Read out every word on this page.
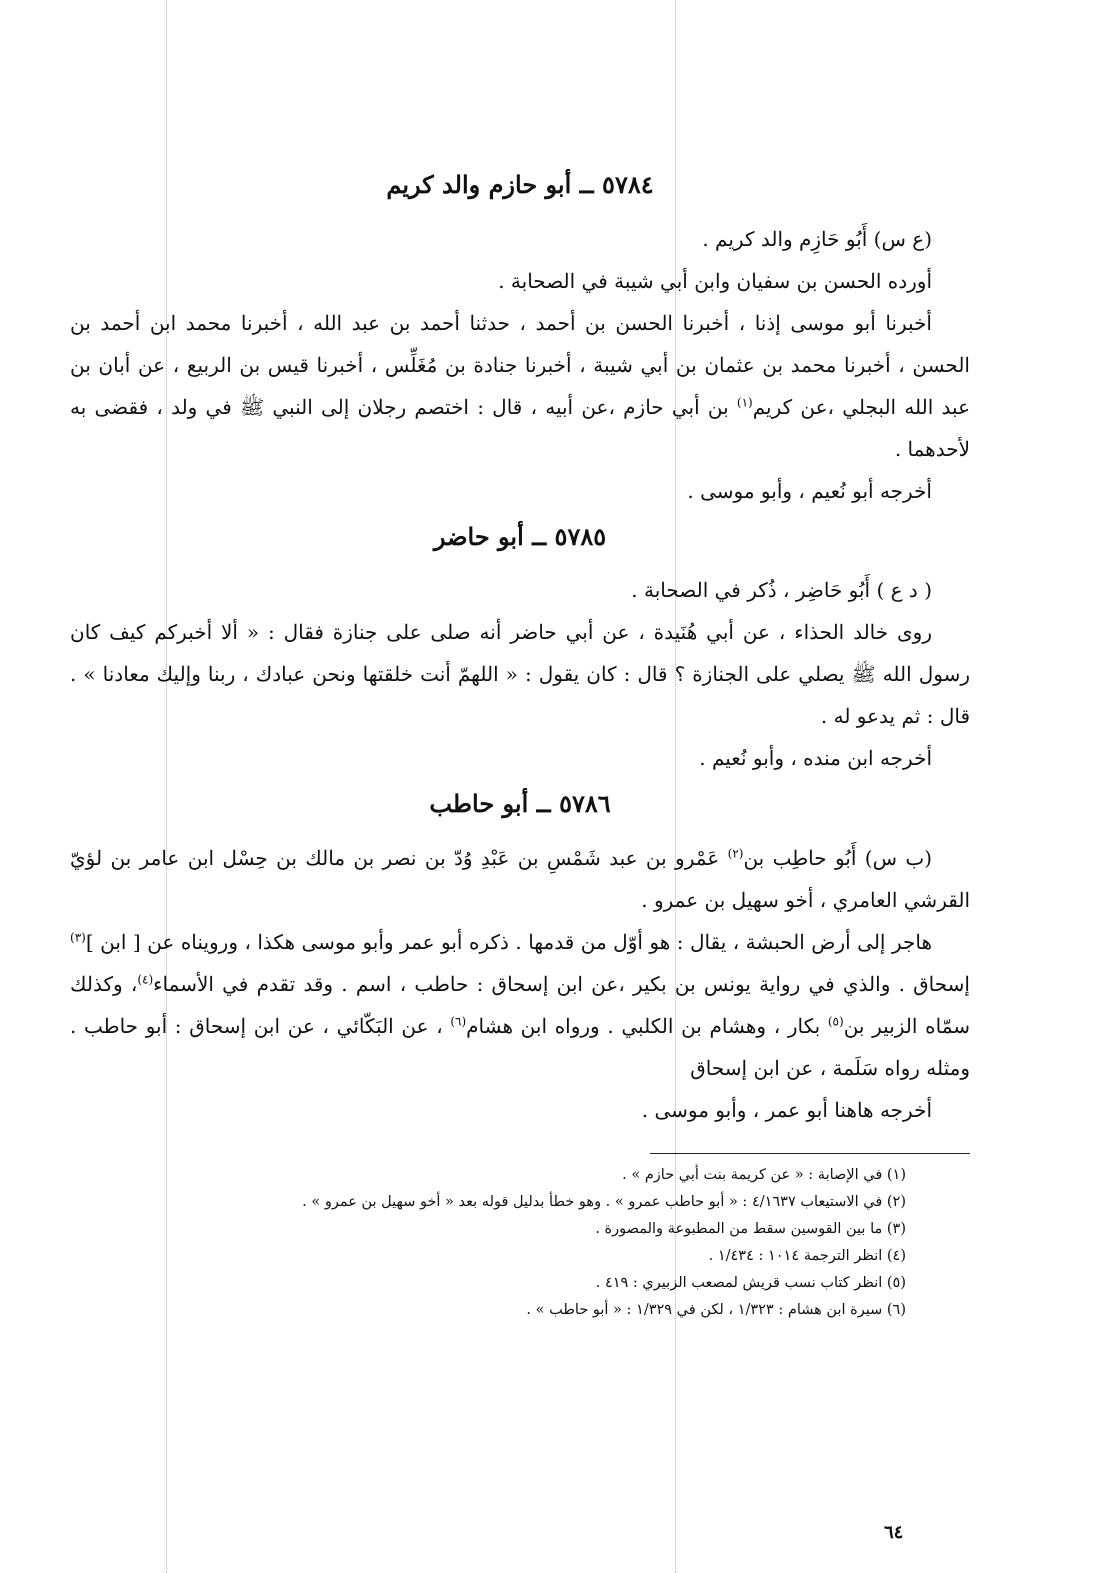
٥٧٨٤ ــ أبو حازم والد كريم

(ع س) أَبُو حَازِم والد كريم .

أورده الحسن بن سفيان وابن أبي شيبة في الصحابة .

أخبرنا أبو موسى إذنا ، أخبرنا الحسن بن أحمد ، حدثنا أحمد بن عبد الله ، أخبرنا محمد ابن أحمد بن الحسن ، أخبرنا محمد بن عثمان بن أبي شيبة ، أخبرنا جنادة بن مُغَلِّس ، أخبرنا قيس بن الربيع ، عن أبان بن عبد الله البجلي ،عن كريم$^{(١)}$ بن أبي حازم ،عن أبيه ، قال : اختصم رجلان إلى النبي ﷺ في ولد ، فقضى به لأحدهما .

أخرجه أبو نُعيم ، وأبو موسى .

٥٧٨٥ ــ أبو حاضر

( د ع ) أَبُو حَاضِر ، ذُكر في الصحابة .

روى خالد الحذاء ، عن أبي هُنَيدة ، عن أبي حاضر أنه صلى على جنازة فقال : « ألا أخبركم كيف كان رسول الله ﷺ يصلي على الجنازة ؟ قال : كان يقول : « اللهمّ أنت خلقتها ونحن عبادك ، ربنا وإليك معادنا » . قال : ثم يدعو له .

أخرجه ابن منده ، وأبو نُعيم .

٥٧٨٦ ــ أبو حاطب

(ب س) أَبُو حاطِب بن$^{(٢)}$ عَمْرو بن عبد شَمْسِ بن عَبْدِ وُدّ بن نصر بن مالك بن حِسْل ابن عامر بن لؤيّ القرشي العامري ، أخو سهيل بن عمرو .

هاجر إلى أرض الحبشة ، يقال : هو أوّل من قدمها . ذكره أبو عمر وأبو موسى هكذا ، ورويناه عن [ ابن ]$^{(٣)}$ إسحاق . والذي في رواية يونس بن بكير ،عن ابن إسحاق : حاطب ، اسم . وقد تقدم في الأسماء$^{(٤)}$، وكذلك سمّاه الزبير بن$^{(٥)}$ بكار ، وهشام بن الكلبي . ورواه ابن هشام$^{(٦)}$ ، عن البَكّائي ، عن ابن إسحاق : أبو حاطب . ومثله رواه سَلَمة ، عن ابن إسحاق

أخرجه هاهنا أبو عمر ، وأبو موسى .

(١) في الإصابة : « عن كريمة بنت أبي حازم » .

(٢) في الاستيعاب ٤/١٦٣٧ : « أبو حاطب عمرو » . وهو خطأ بدليل قوله بعد « أخو سهيل بن عمرو » .

(٣) ما بين القوسين سقط من المطبوعة والمصورة .

(٤) انظر الترجمة ١٠١٤ : ١/٤٣٤ .

(٥) انظر كتاب نسب قريش لمصعب الزبيري : ٤١٩ .

(٦) سيرة ابن هشام : ١/٣٢٣ ، لكن في ١/٣٢٩ : « أبو حاطب » .

٦٤
